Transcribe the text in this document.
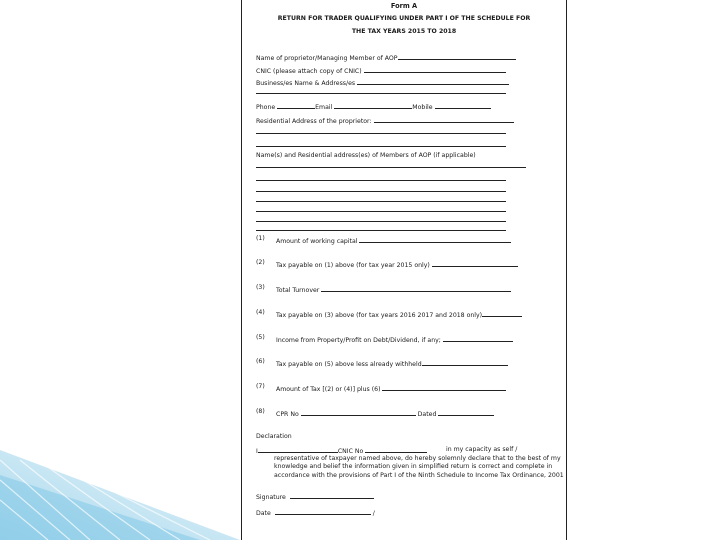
Form A
RETURN FOR TRADER QUALIFYING UNDER PART I OF THE SCHEDULE FOR
THE TAX YEARS 2015 TO 2018
Name of proprietor/Managing Member of AOP
CNIC (please attach copy of CNIC)
Business/es Name & Address/es
Phone	Email	Mobile
Residential Address of the proprietor:
Name(s) and Residential address(es) of Members of AOP (if applicable)
(1) Amount of working capital
(2) Tax payable on (1) above (for tax year 2015 only)
(3) Total Turnover
(4) Tax payable on (3) above (for tax years 2016 2017 and 2018 only)
(5) Income from Property/Profit on Debt/Dividend, if any;
(6) Tax payable on (5) above less already withheld
(7) Amount of Tax [(2) or (4)] plus (6)
(8) CPR No	Dated
Declaration
I	CNIC No	in my capacity as self / representative of taxpayer named above, do hereby solemnly declare that to the best of my knowledge and belief the information given in simplified return is correct and complete in accordance with the provisions of Part I of the Ninth Schedule to Income Tax Ordinance, 2001
Signature
Date	/
